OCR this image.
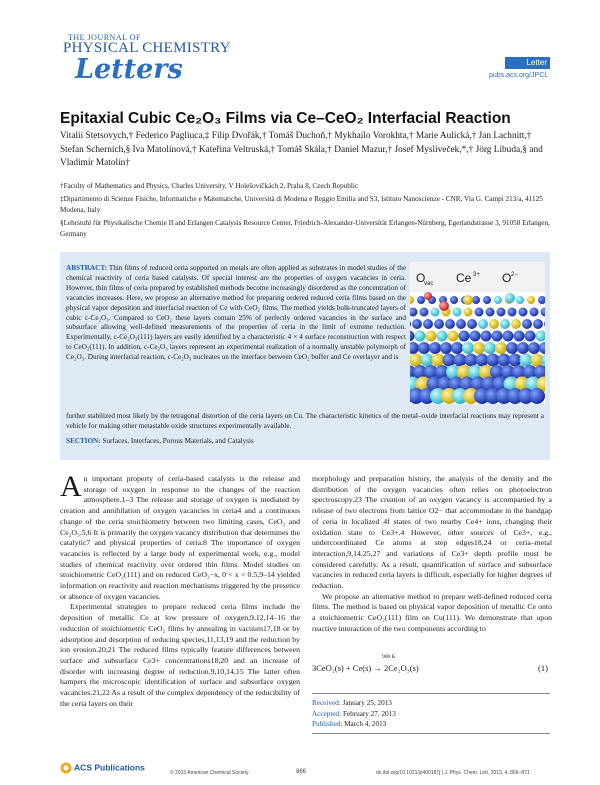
THE JOURNAL OF
PHYSICAL CHEMISTRY
Letters	Letter
pubs.acs.org/JPCL
Epitaxial Cubic Ce₂O₃ Films via Ce–CeO₂ Interfacial Reaction
Vitalii Stetsovych,† Federico Pagliuca,‡ Filip Dvořák,† Tomáš Duchoň,† Mykhailo Vorokhta,† Marie Aulická,† Jan Lachnitt,† Stefan Schernich,§ Iva Matolínová,† Kateřina Veltruská,† Tomáš Skála,† Daniel Mazur,† Josef Mysliveček,*,† Jörg Libuda,§ and Vladimír Matolín†
†Faculty of Mathematics and Physics, Charles University, V Holešovičkách 2, Praha 8, Czech Republic
‡Dipartimento di Scienze Fisiche, Informatiche e Matematiche, Università di Modena e Reggio Emilia and S3, Istituto Nanoscienze - CNR, Via G. Campi 213/a, 41125 Modena, Italy
§Lehrstuhl für Physikalische Chemie II and Erlangen Catalysis Resource Center, Friedrich-Alexander-Universität Erlangen-Nürnberg, Egerlandstrasse 3, 91058 Erlangen, Germany
ABSTRACT: Thin films of reduced ceria supported on metals are often applied as substrates in model studies of the chemical reactivity of ceria based catalysts. Of special interest are the properties of oxygen vacancies in ceria. However, thin films of ceria prepared by established methods become increasingly disordered as the concentration of vacancies increases. Here, we propose an alternative method for preparing ordered reduced ceria films based on the physical vapor deposition and interfacial reaction of Ce with CeO₂ films. The method yields bulk-truncated layers of cubic c-Ce₂O₃. Compared to CeO₂ these layers contain 25% of perfectly ordered vacancies in the surface and subsurface allowing well-defined measurements of the properties of ceria in the limit of extreme reduction. Experimentally, c-Ce₂O₃(111) layers are easily identified by a characteristic 4 × 4 surface reconstruction with respect to CeO₂(111). In addition, c-Ce₂O₃ layers represent an experimental realization of a normally unstable polymorph of Ce₂O₃. During interfacial reaction, c-Ce₂O₃ nucleates on the interface between CeO₂ buffer and Ce overlayer and is
further stabilized most likely by the tetragonal distortion of the ceria layers on Cu. The characteristic kinetics of the metal–oxide interfacial reactions may represent a vehicle for making other metastable oxide structures experimentally available.
SECTION: Surfaces, Interfaces, Porous Materials, and Catalysis
O
vac Ce 3+ O 2−
A n important property of ceria-based catalysts is the release and storage of oxygen in response to the changes of the reaction atmosphere.1–3 The release and storage of oxygen is mediated by creation and annihilation of oxygen vacancies in ceria4 and a continuous change of the ceria stoichiometry between two limiting cases, CeO₂ and Ce₂O₃.5,6 It is primarily the oxygen vacancy distribution that determines the catalytic7 and physical properties of ceria.8 The importance of oxygen vacancies is reflected by a large body of experimental work, e.g., model studies of chemical reactivity over ordered thin films. Model studies on stoichiometric CeO₂(111) and on reduced CeO₂−x, 0 < x < 0.5,9–14 yielded information on reactivity and reaction mechanisms triggered by the presence or absence of oxygen vacancies.
Experimental strategies to prepare reduced ceria films include the deposition of metallic Ce at low pressure of oxygen,9,12,14–16 the reduction of stoichiometric CeO₂ films by annealing in vacuum17,18 or by adsorption and desorption of reducing species,11,13,19 and the reduction by ion erosion.20,21 The reduced films typically feature differences between surface and subsurface Ce3+ concentrations18,20 and an increase of disorder with increasing degree of reduction.9,10,14,15 The latter often hampers the microscopic identification of surface and subsurface oxygen vacancies.21,22 As a result of the complex dependency of the reducibility of the ceria layers on their
morphology and preparation history, the analysis of the density and the distribution of the oxygen vacancies often relies on photoelectron spectroscopy.23 The creation of an oxygen vacancy is accompanied by a release of two electrons from lattice O2− that accommodate in the bandgap of ceria in localized 4f states of two nearby Ce4+ ions, changing their oxidation state to Ce3+.4 However, other sources of Ce3+, e.g., undercoordinated Ce atoms at step edges18,24 or ceria–metal interaction,9,14,25,27 and variations of Ce3+ depth profile must be considered carefully. As a result, quantification of surface and subsurface vacancies in reduced ceria layers is difficult, especially for higher degrees of reduction.
We propose an alternative method to prepare well-defined reduced ceria films. The method is based on physical vapor deposition of metallic Ce onto a stoichiometric CeO₂(111) film on Cu(111). We demonstrate that upon reactive interaction of the two components according to
900 K
3CeO₂(s) + Ce(s) → 2Ce₂O₃(s)	(1)
Received: January 25, 2013
Accepted: February 27, 2013
Published: March 4, 2013
ACS Publications
© 2013 American Chemical Society	866	dx.doi.org/10.1021/jz400187j | J. Phys. Chem. Lett. 2013, 4, 866−871
